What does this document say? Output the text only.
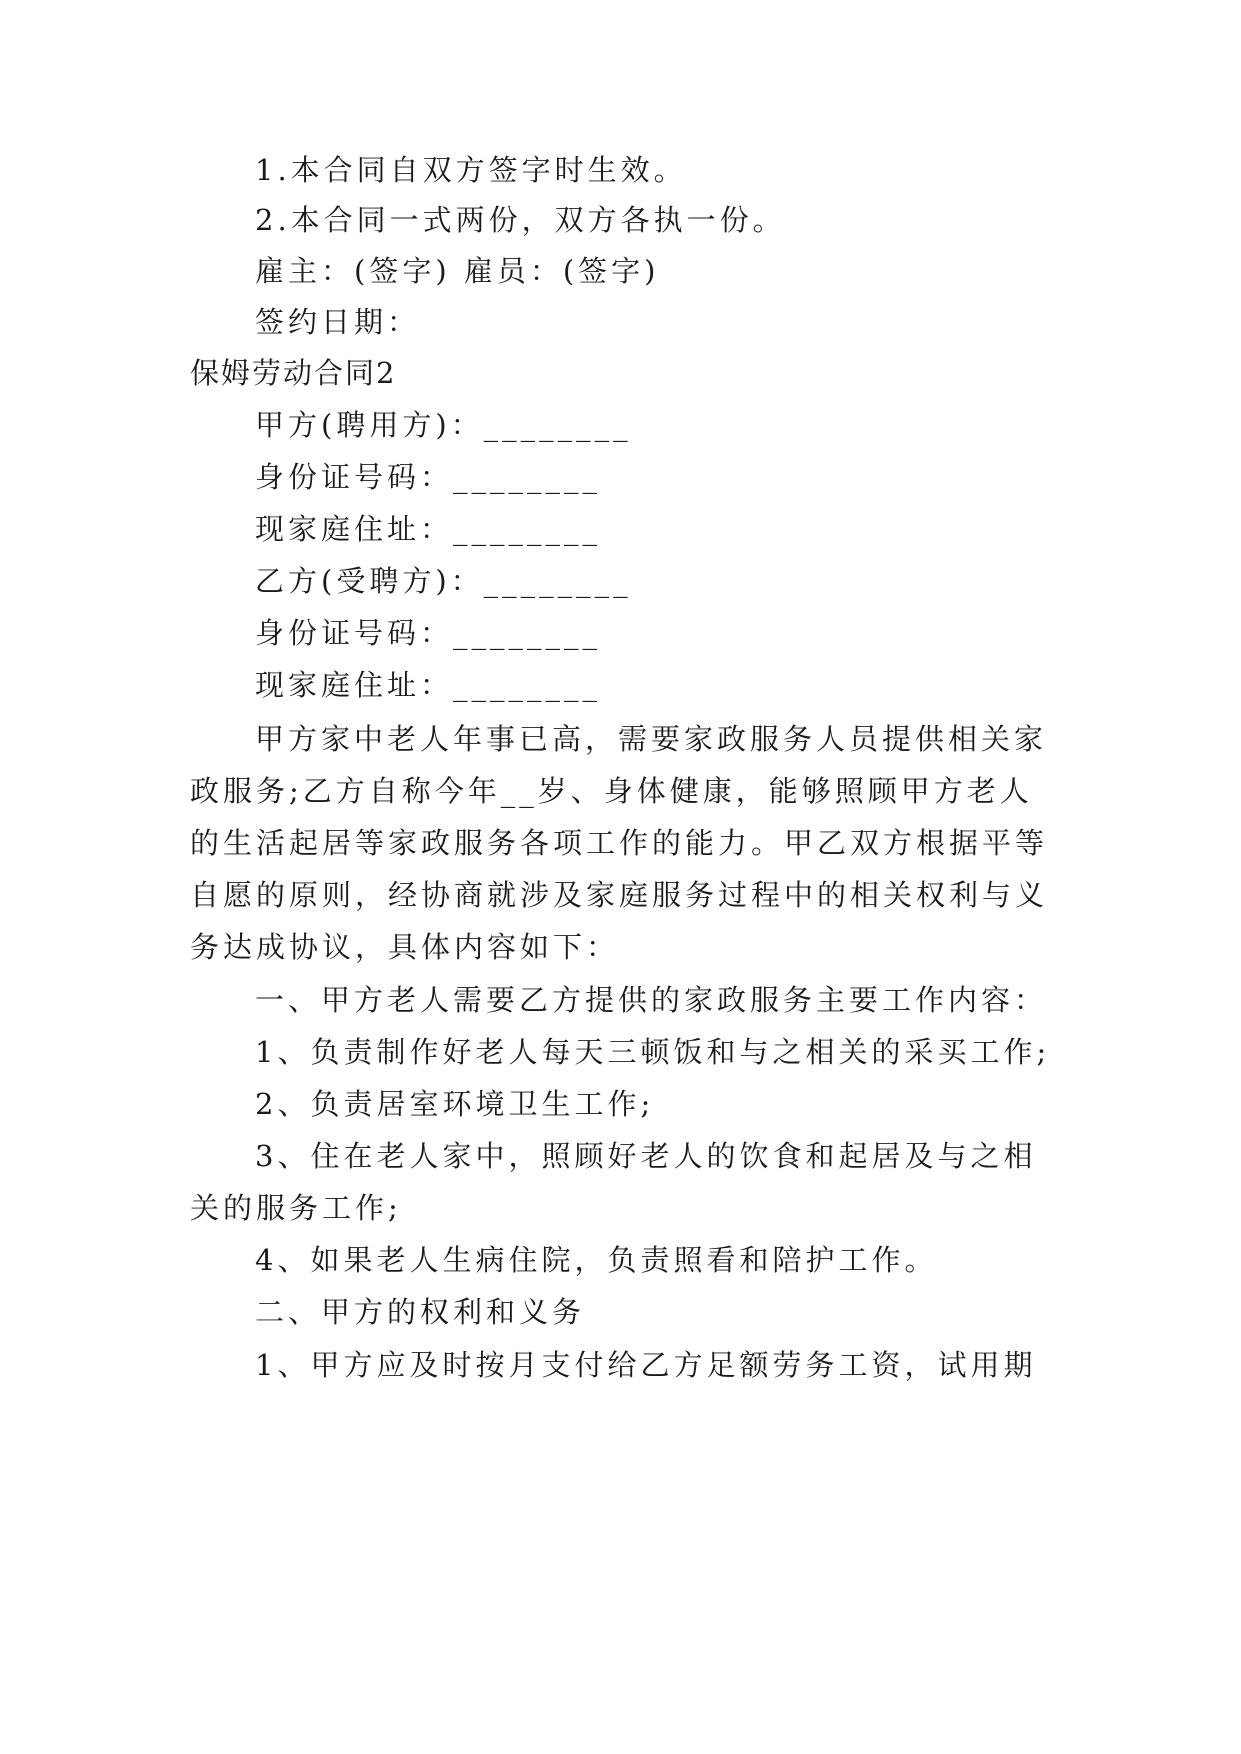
1.本合同自双方签字时生效。
2.本合同一式两份，双方各执一份。
雇主：(签字) 雇员：(签字)
签约日期：
保姆劳动合同2
甲方(聘用方)：________
身份证号码：________
现家庭住址：________
乙方(受聘方)：________
身份证号码：________
现家庭住址：________
甲方家中老人年事已高，需要家政服务人员提供相关家
政服务;乙方自称今年__岁、身体健康，能够照顾甲方老人
的生活起居等家政服务各项工作的能力。甲乙双方根据平等
自愿的原则，经协商就涉及家庭服务过程中的相关权利与义
务达成协议，具体内容如下：
一、甲方老人需要乙方提供的家政服务主要工作内容：
1、负责制作好老人每天三顿饭和与之相关的采买工作;
2、负责居室环境卫生工作;
3、住在老人家中，照顾好老人的饮食和起居及与之相
关的服务工作;
4、如果老人生病住院，负责照看和陪护工作。
二、甲方的权利和义务
1、甲方应及时按月支付给乙方足额劳务工资，试用期
